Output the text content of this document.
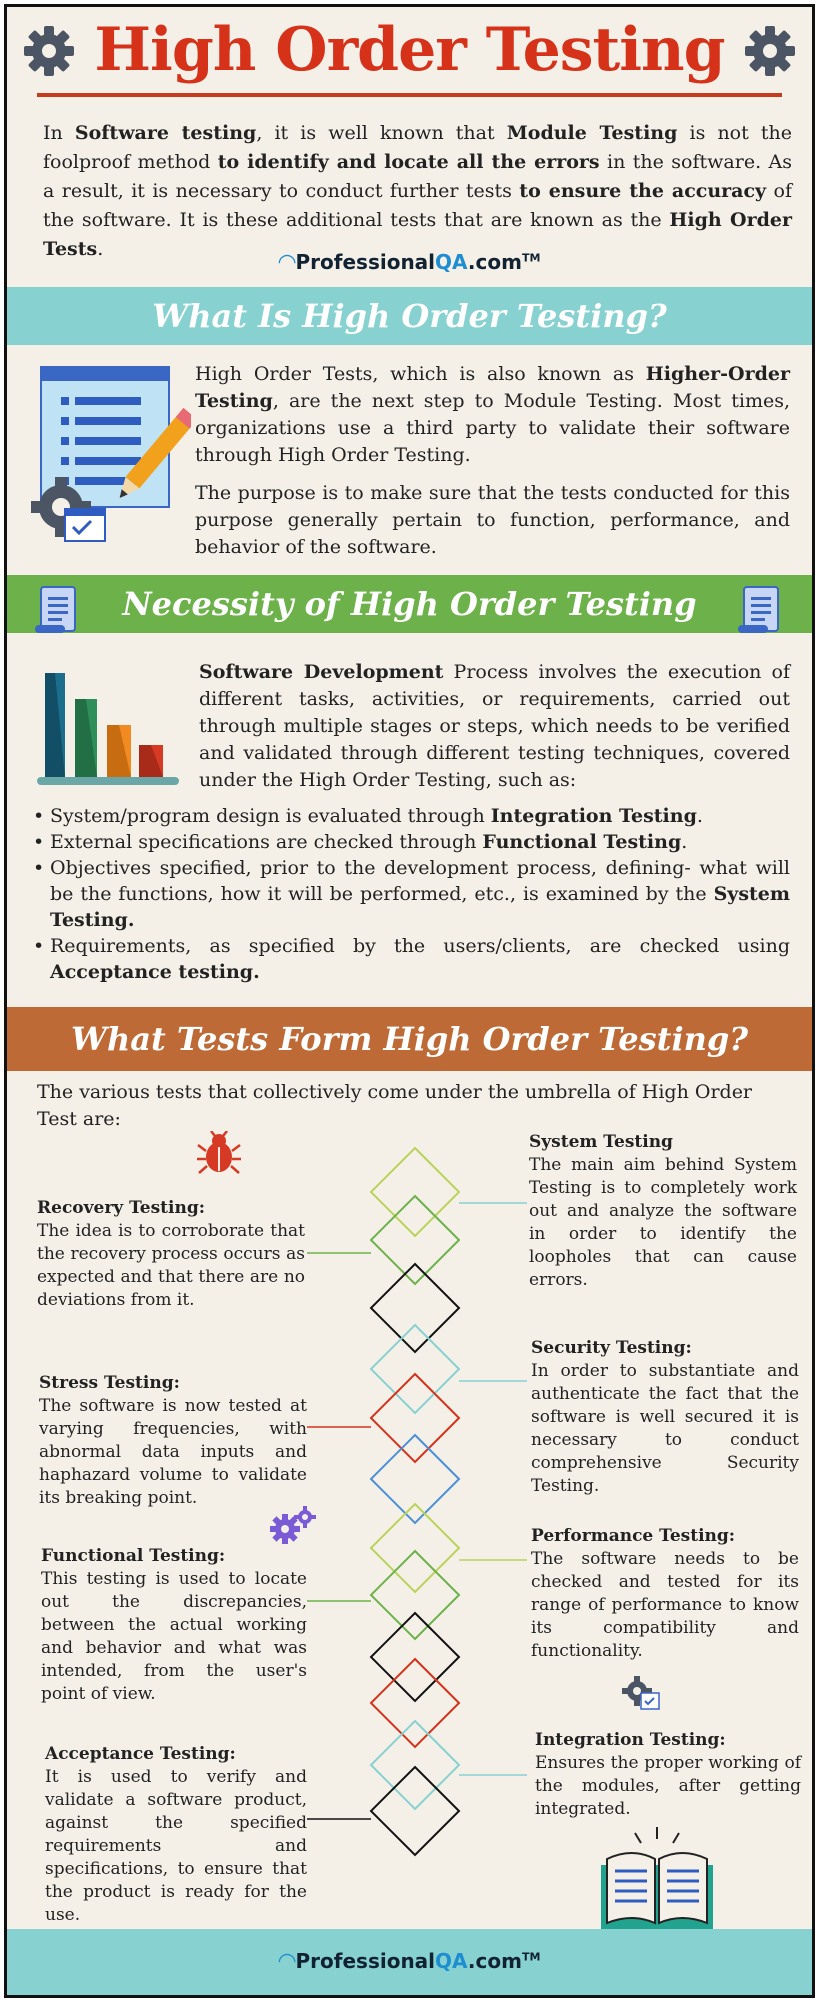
High Order Testing
In Software testing, it is well known that Module Testing is not the foolproof method to identify and locate all the errors in the software. As a result, it is necessary to conduct further tests to ensure the accuracy of the software. It is these additional tests that are known as the High Order Tests.
◠ProfessionalQA.com™
What Is High Order Testing?
High Order Tests, which is also known as Higher-Order Testing, are the next step to Module Testing. Most times, organizations use a third party to validate their software through High Order Testing.
The purpose is to make sure that the tests conducted for this purpose generally pertain to function, performance, and behavior of the software.
Necessity of High Order Testing
Software Development Process involves the execution of different tasks, activities, or requirements, carried out through multiple stages or steps, which needs to be verified and validated through different testing techniques, covered under the High Order Testing, such as:
• System/program design is evaluated through Integration Testing.
• External specifications are checked through Functional Testing.
• Objectives specified, prior to the development process, defining- what will be the functions, how it will be performed, etc., is examined by the System Testing.
• Requirements, as specified by the users/clients, are checked using Acceptance testing.
What Tests Form High Order Testing?
The various tests that collectively come under the umbrella of High Order Test are:
System Testing
The main aim behind System Testing is to completely work out and analyze the software in order to identify the loopholes that can cause errors.
Recovery Testing:
The idea is to corroborate that the recovery process occurs as expected and that there are no deviations from it.
Security Testing:
In order to substantiate and authenticate the fact that the software is well secured it is necessary to conduct comprehensive Security Testing.
Stress Testing:
The software is now tested at varying frequencies, with abnormal data inputs and haphazard volume to validate its breaking point.
Performance Testing:
The software needs to be checked and tested for its range of performance to know its compatibility and functionality.
Functional Testing:
This testing is used to locate out the discrepancies, between the actual working and behavior and what was intended, from the user's point of view.
Integration Testing:
Ensures the proper working of the modules, after getting integrated.
Acceptance Testing:
It is used to verify and validate a software product, against the specified requirements and specifications, to ensure that the product is ready for the use.
◠ProfessionalQA.com™
